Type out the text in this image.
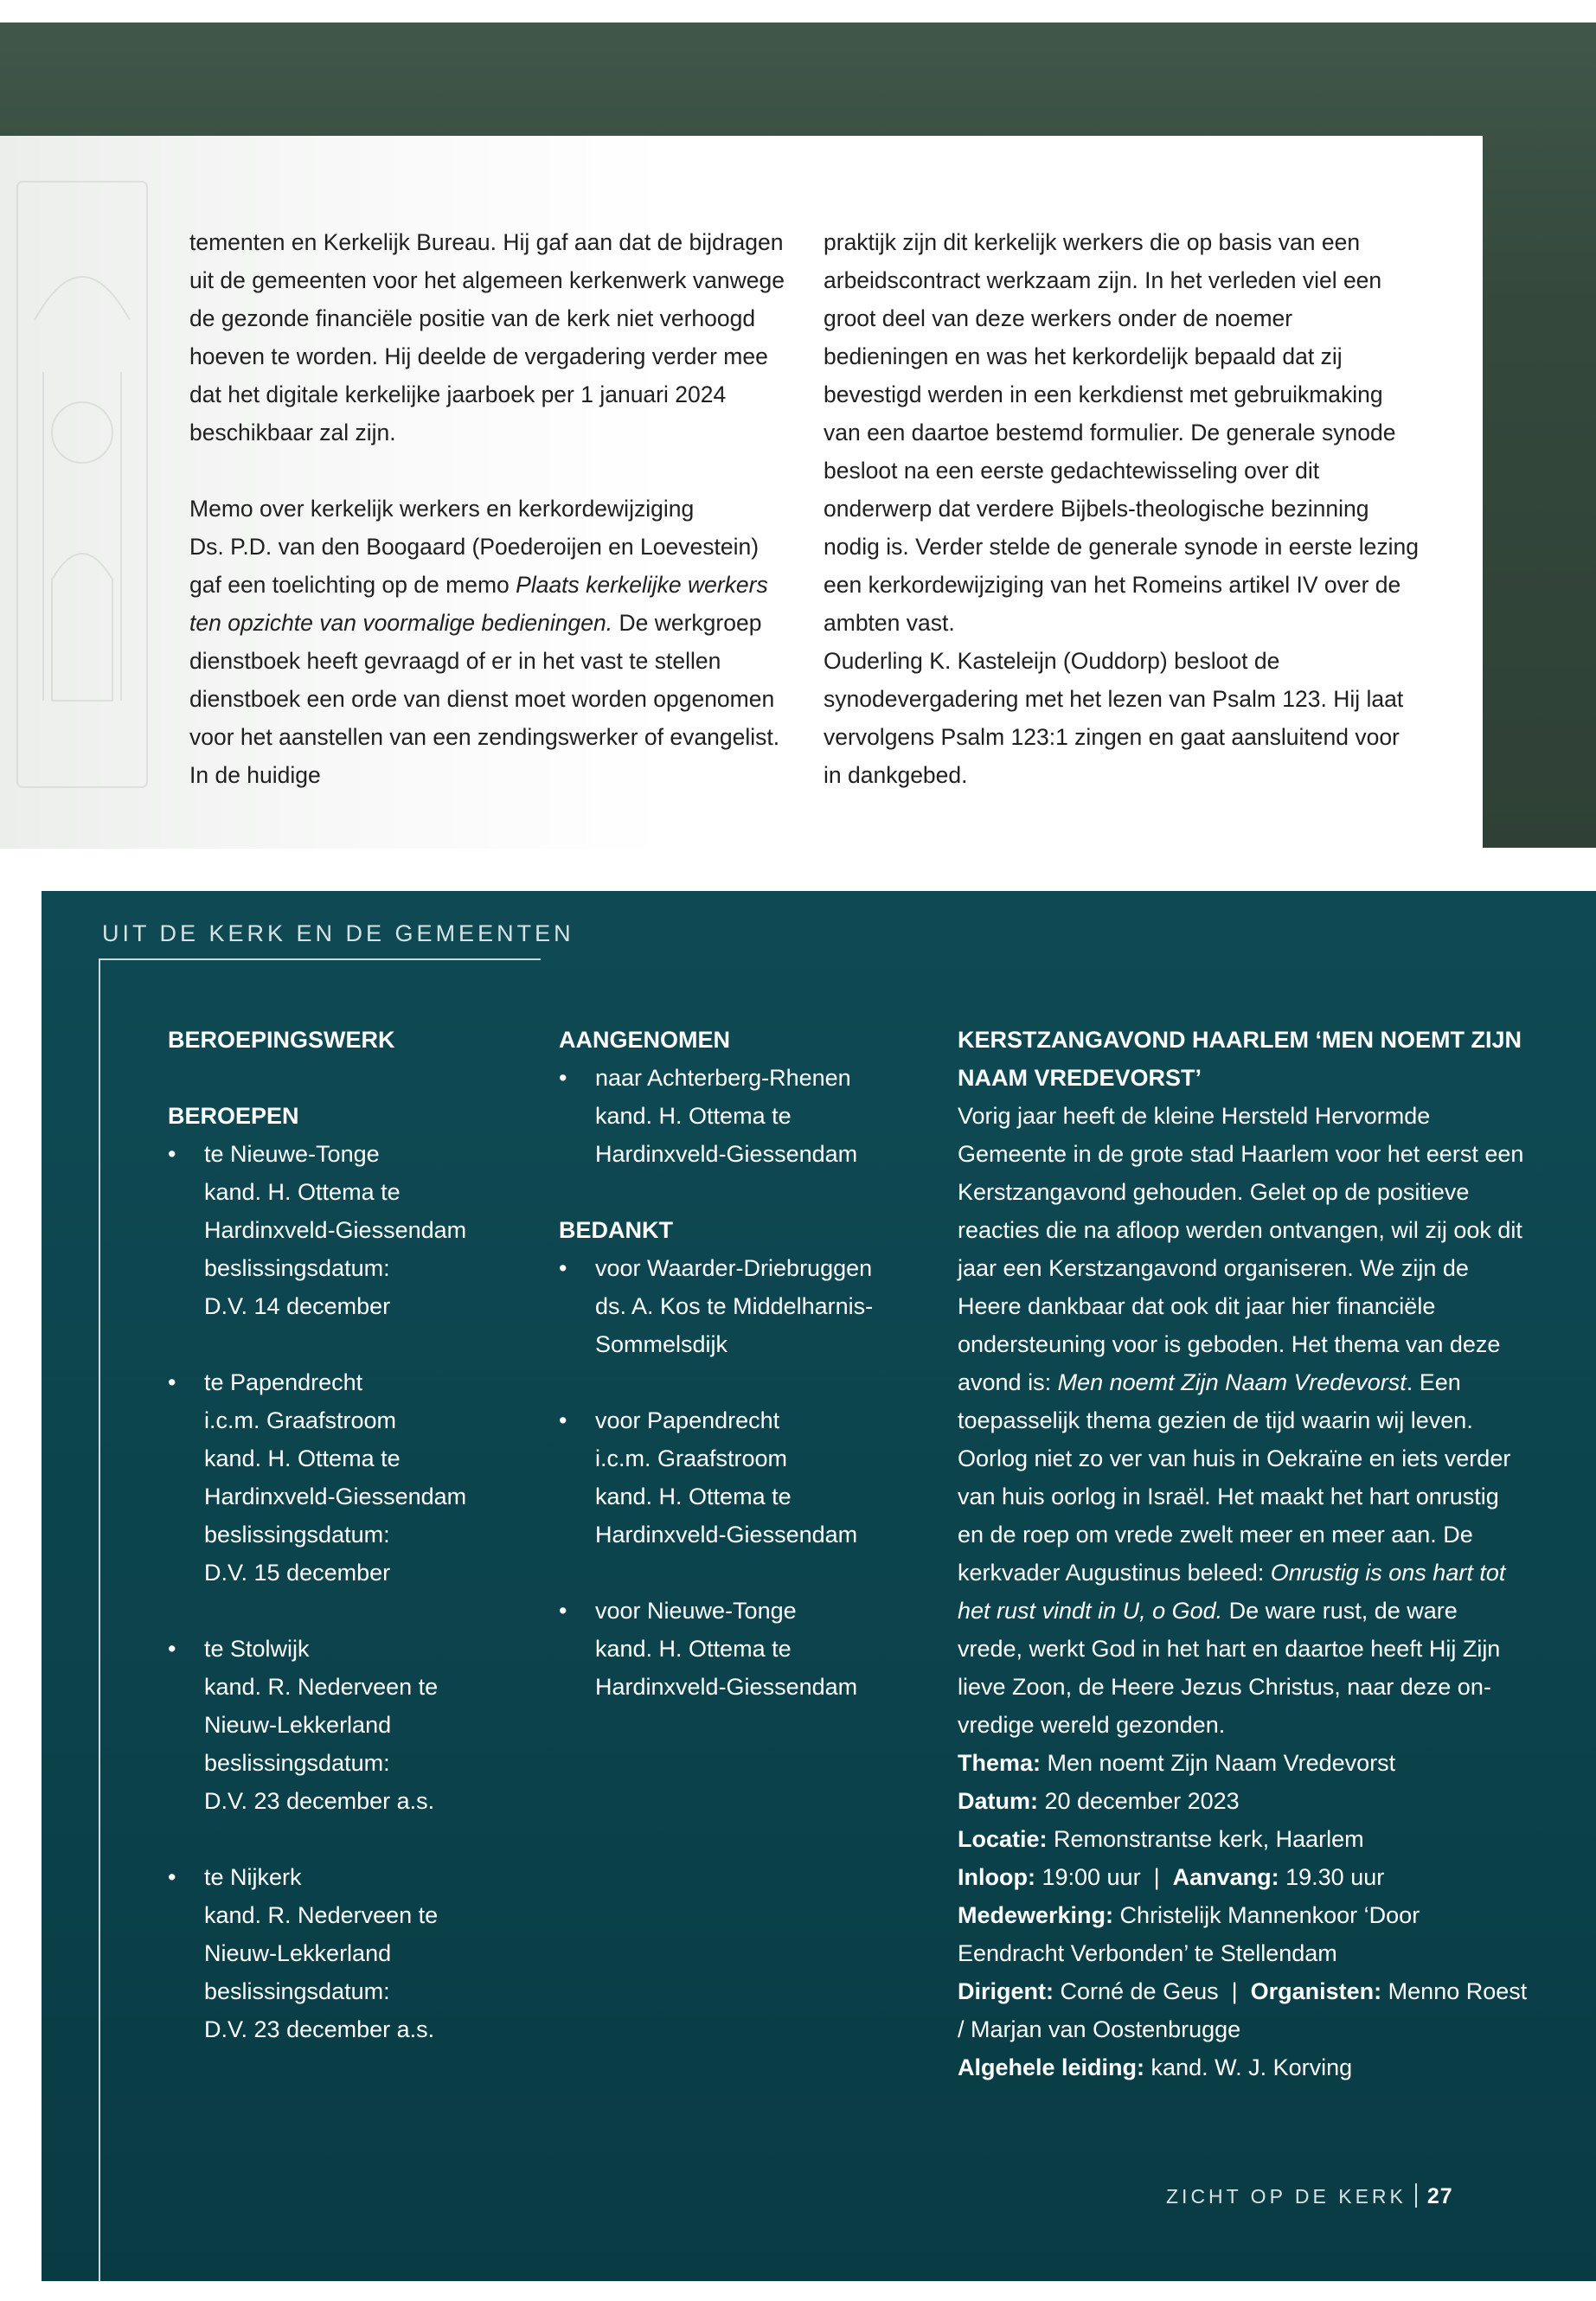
tementen en Kerkelijk Bureau. Hij gaf aan dat de bijdragen uit de gemeenten voor het algemeen kerkenwerk vanwege de gezonde financiële positie van de kerk niet verhoogd hoeven te worden. Hij deelde de vergadering verder mee dat het digitale kerkelijke jaarboek per 1 januari 2024 beschikbaar zal zijn.

Memo over kerkelijk werkers en kerkordewijziging
Ds. P.D. van den Boogaard (Poederoijen en Loevestein) gaf een toelichting op de memo Plaats kerkelijke werkers ten opzichte van voormalige bedieningen. De werkgroep dienstboek heeft gevraagd of er in het vast te stellen dienstboek een orde van dienst moet worden opgenomen voor het aanstellen van een zendingswerker of evangelist. In de huidige

praktijk zijn dit kerkelijk werkers die op basis van een arbeidscontract werkzaam zijn. In het verleden viel een groot deel van deze werkers onder de noemer bedieningen en was het kerkordelijk bepaald dat zij bevestigd werden in een kerkdienst met gebruikmaking van een daartoe bestemd formulier. De generale synode besloot na een eerste gedachtewisseling over dit onderwerp dat verdere Bijbels-theologische bezinning nodig is. Verder stelde de generale synode in eerste lezing een kerkordewijziging van het Romeins artikel IV over de ambten vast.

Ouderling K. Kasteleijn (Ouddorp) besloot de synodevergadering met het lezen van Psalm 123. Hij laat vervolgens Psalm 123:1 zingen en gaat aansluitend voor in dankgebed.

UIT DE KERK EN DE GEMEENTEN
BEROEPINGSWERK
BEROEPEN
• te Nieuwe-Tonge
kand. H. Ottema te
Hardinxveld-Giessendam
beslissingsdatum:
D.V. 14 december
• te Papendrecht
i.c.m. Graafstroom
kand. H. Ottema te
Hardinxveld-Giessendam
beslissingsdatum:
D.V. 15 december
• te Stolwijk
kand. R. Nederveen te
Nieuw-Lekkerland
beslissingsdatum:
D.V. 23 december a.s.
• te Nijkerk
kand. R. Nederveen te
Nieuw-Lekkerland
beslissingsdatum:
D.V. 23 december a.s.
AANGENOMEN
• naar Achterberg-Rhenen
kand. H. Ottema te
Hardinxveld-Giessendam
BEDANKT
• voor Waarder-Driebruggen
ds. A. Kos te Middelharnis-
Sommelsdijk
• voor Papendrecht
i.c.m. Graafstroom
kand. H. Ottema te
Hardinxveld-Giessendam
• voor Nieuwe-Tonge
kand. H. Ottema te
Hardinxveld-Giessendam
KERSTZANGAVOND HAARLEM ‘MEN NOEMT ZIJN NAAM VREDEVORST’

Vorig jaar heeft de kleine Hersteld Hervormde Gemeente in de grote stad Haarlem voor het eerst een Kerstzangavond gehouden. Gelet op de positieve reacties die na afloop werden ontvangen, wil zij ook dit jaar een Kerstzangavond organiseren. We zijn de Heere dankbaar dat ook dit jaar hier financiële ondersteuning voor is geboden. Het thema van deze avond is: Men noemt Zijn Naam Vredevorst. Een toepasselijk thema gezien de tijd waarin wij leven. Oorlog niet zo ver van huis in Oekraïne en iets verder van huis oorlog in Israël. Het maakt het hart onrustig en de roep om vrede zwelt meer en meer aan. De kerkvader Augustinus beleed: Onrustig is ons hart tot het rust vindt in U, o God. De ware rust, de ware vrede, werkt God in het hart en daartoe heeft Hij Zijn lieve Zoon, de Heere Jezus Christus, naar deze on-vredige wereld gezonden.

Thema: Men noemt Zijn Naam Vredevorst

Datum: 20 december 2023

Locatie: Remonstrantse kerk, Haarlem

Inloop: 19:00 uur  |  Aanvang: 19.30 uur

Medewerking: Christelijk Mannenkoor ‘Door Eendracht Verbonden’ te Stellendam

Dirigent: Corné de Geus  |  Organisten: Menno Roest / Marjan van Oostenbrugge

Algehele leiding: kand. W. J. Korving

ZICHT OP DE KERK 27
